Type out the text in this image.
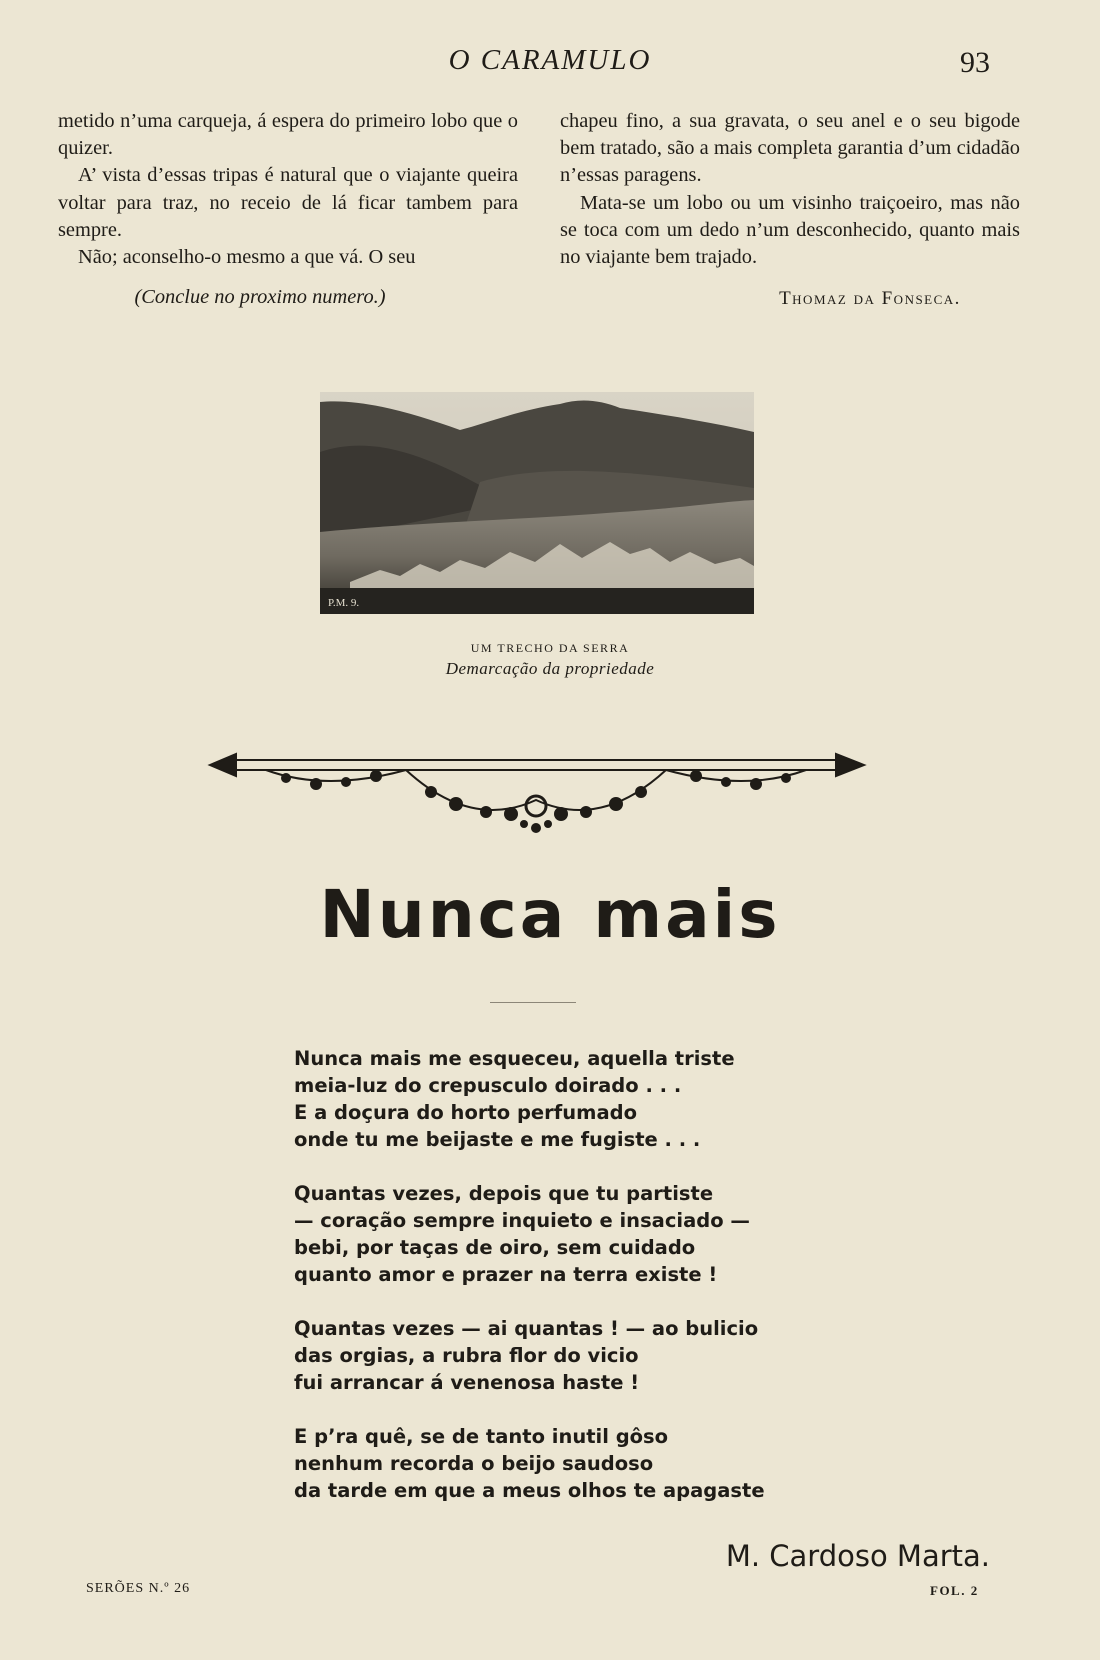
O CARAMULO	93

metido n’uma carqueja, á espera do primeiro lobo que o quizer.

A’ vista d’essas tripas é natural que o viajante queira voltar para traz, no receio de lá ficar tambem para sempre.

Não; aconselho-o mesmo a que vá. O seu

chapeu fino, a sua gravata, o seu anel e o seu bigode bem tratado, são a mais completa garantia d’um cidadão n’essas paragens.

Mata-se um lobo ou um visinho traiçoeiro, mas não se toca com um dedo n’um desconhecido, quanto mais no viajante bem trajado.

(Conclue no proximo numero.)	Thomaz da Fonseca.
P.M. 9.
UM TRECHO DA SERRA
Demarcação da propriedade
Nunca mais
Nunca mais me esqueceu, aquella triste
meia-luz do crepusculo doirado . . .
E a doçura do horto perfumado
onde tu me beijaste e me fugiste . . .
Quantas vezes, depois que tu partiste
— coração sempre inquieto e insaciado —
bebi, por taças de oiro, sem cuidado
quanto amor e prazer na terra existe !
Quantas vezes — ai quantas ! — ao bulicio
das orgias, a rubra flor do vicio
fui arrancar á venenosa haste !
E p’ra quê, se de tanto inutil gôso
nenhum recorda o beijo saudoso
da tarde em que a meus olhos te apagaste
M. Cardoso Marta.
SERÕES N.º 26	FOL. 2
